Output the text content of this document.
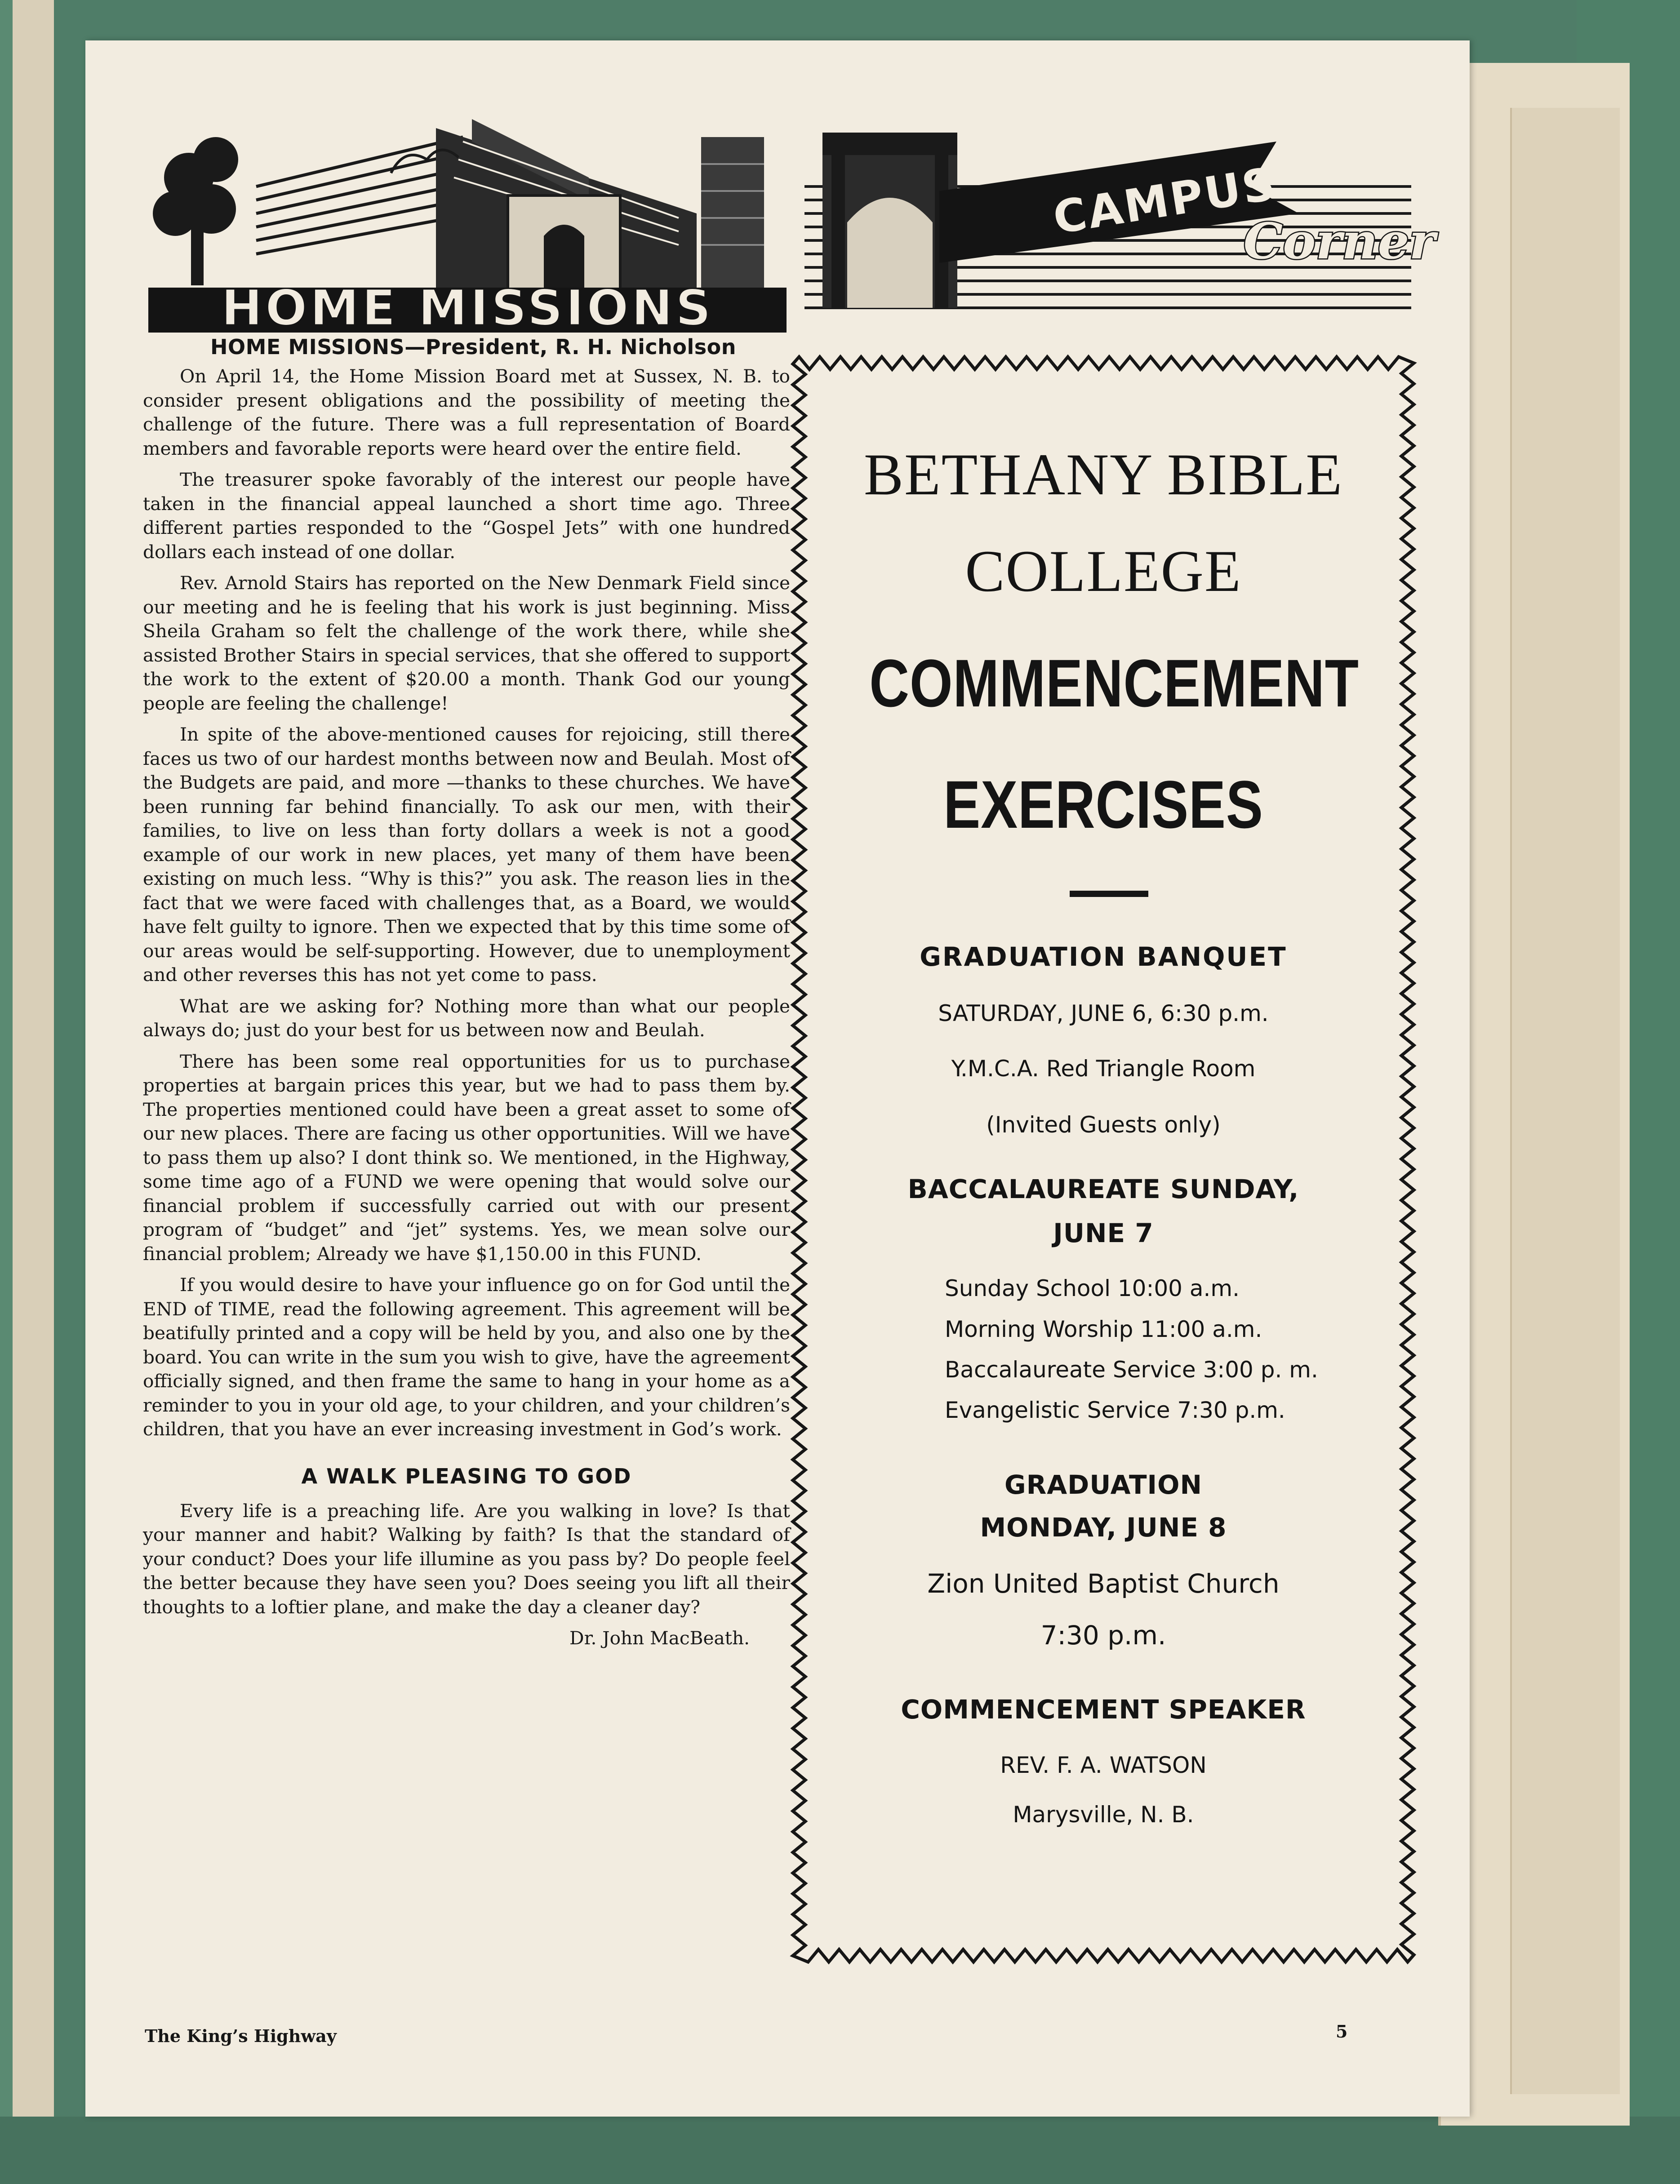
HOME MISSIONS
CAMPUS
Corner
HOME MISSIONS—President, R. H. Nicholson

On April 14, the Home Mission Board met at Sussex, N. B. to consider present obligations and the possibility of meeting the challenge of the future. There was a full representation of Board members and favorable reports were heard over the entire field.

The treasurer spoke favorably of the interest our people have taken in the financial appeal launched a short time ago. Three different parties responded to the “Gospel Jets” with one hundred dollars each instead of one dollar.

Rev. Arnold Stairs has reported on the New Denmark Field since our meeting and he is feeling that his work is just beginning. Miss Sheila Graham so felt the challenge of the work there, while she assisted Brother Stairs in special services, that she offered to support the work to the extent of $20.00 a month. Thank God our young people are feeling the challenge!

In spite of the above-mentioned causes for rejoicing, still there faces us two of our hardest months between now and Beulah. Most of the Budgets are paid, and more —thanks to these churches. We have been running far behind financially. To ask our men, with their families, to live on less than forty dollars a week is not a good example of our work in new places, yet many of them have been existing on much less. “Why is this?” you ask. The reason lies in the fact that we were faced with challenges that, as a Board, we would have felt guilty to ignore. Then we expected that by this time some of our areas would be self-supporting. However, due to unemployment and other reverses this has not yet come to pass.

What are we asking for? Nothing more than what our people always do; just do your best for us between now and Beulah.

There has been some real opportunities for us to purchase properties at bargain prices this year, but we had to pass them by. The properties mentioned could have been a great asset to some of our new places. There are facing us other opportunities. Will we have to pass them up also? I dont think so. We mentioned, in the Highway, some time ago of a FUND we were opening that would solve our financial problem if successfully carried out with our present program of “budget” and “jet” systems. Yes, we mean solve our financial problem; Already we have $1,150.00 in this FUND.

If you would desire to have your influence go on for God until the END of TIME, read the following agreement. This agreement will be beatifully printed and a copy will be held by you, and also one by the board. You can write in the sum you wish to give, have the agreement officially signed, and then frame the same to hang in your home as a reminder to you in your old age, to your children, and your children’s children, that you have an ever increasing investment in God’s work.

A WALK PLEASING TO GOD

Every life is a preaching life. Are you walking in love? Is that your manner and habit? Walking by faith? Is that the standard of your conduct? Does your life illumine as you pass by? Do people feel the better because they have seen you? Does seeing you lift all their thoughts to a loftier plane, and make the day a cleaner day?

Dr. John MacBeath.

BETHANY BIBLE
COLLEGE
COMMENCEMENT
EXERCISES
GRADUATION BANQUET
SATURDAY, JUNE 6, 6:30 p.m.
Y.M.C.A. Red Triangle Room
(Invited Guests only)
BACCALAUREATE SUNDAY,
JUNE 7
Sunday School 10:00 a.m.
Morning Worship 11:00 a.m.
Baccalaureate Service 3:00 p. m.
Evangelistic Service 7:30 p.m.
GRADUATION
MONDAY, JUNE 8
Zion United Baptist Church
7:30 p.m.
COMMENCEMENT SPEAKER
REV. F. A. WATSON
Marysville, N. B.
The King’s Highway	5
